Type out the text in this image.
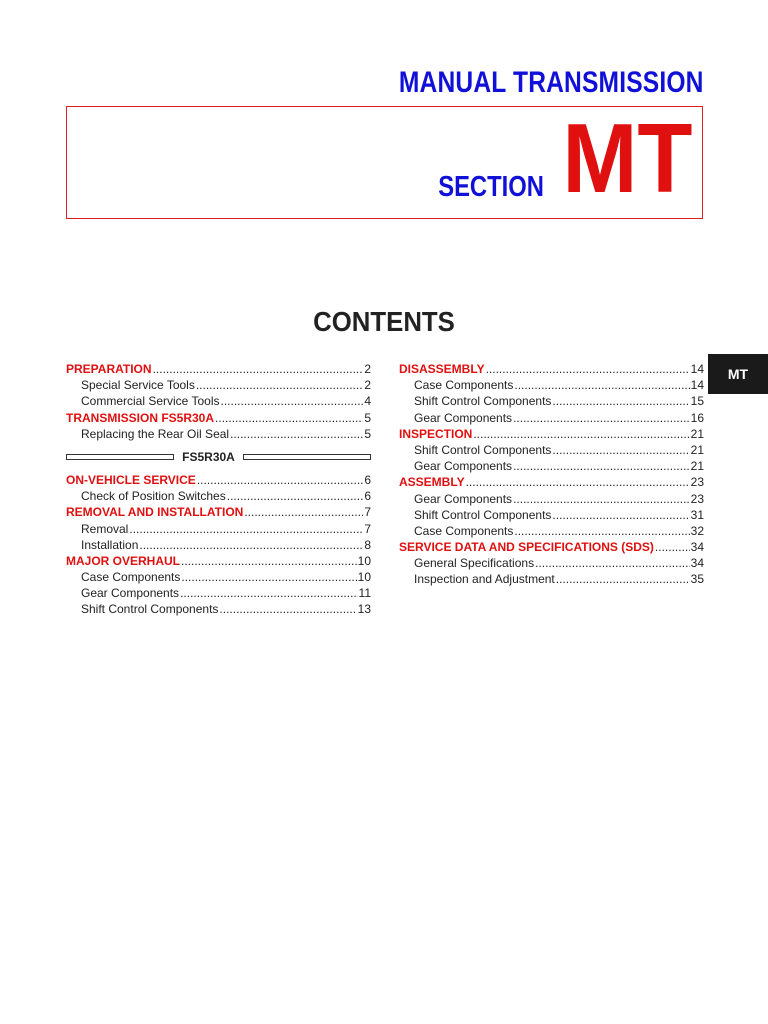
MANUAL TRANSMISSION
SECTION MT
CONTENTS
PREPARATION .....	2
Special Service Tools .....	2
Commercial Service Tools .....	4
TRANSMISSION FS5R30A .....	5
Replacing the Rear Oil Seal .....	5
FS5R30A
ON-VEHICLE SERVICE .....	6
Check of Position Switches .....	6
REMOVAL AND INSTALLATION .....	7
Removal .....	7
Installation .....	8
MAJOR OVERHAUL .....	10
Case Components .....	10
Gear Components .....	11
Shift Control Components .....	13
DISASSEMBLY .....	14
Case Components .....	14
Shift Control Components .....	15
Gear Components .....	16
INSPECTION .....	21
Shift Control Components .....	21
Gear Components .....	21
ASSEMBLY .....	23
Gear Components .....	23
Shift Control Components .....	31
Case Components .....	32
SERVICE DATA AND SPECIFICATIONS (SDS) .....	34
General Specifications .....	34
Inspection and Adjustment .....	35
MT
